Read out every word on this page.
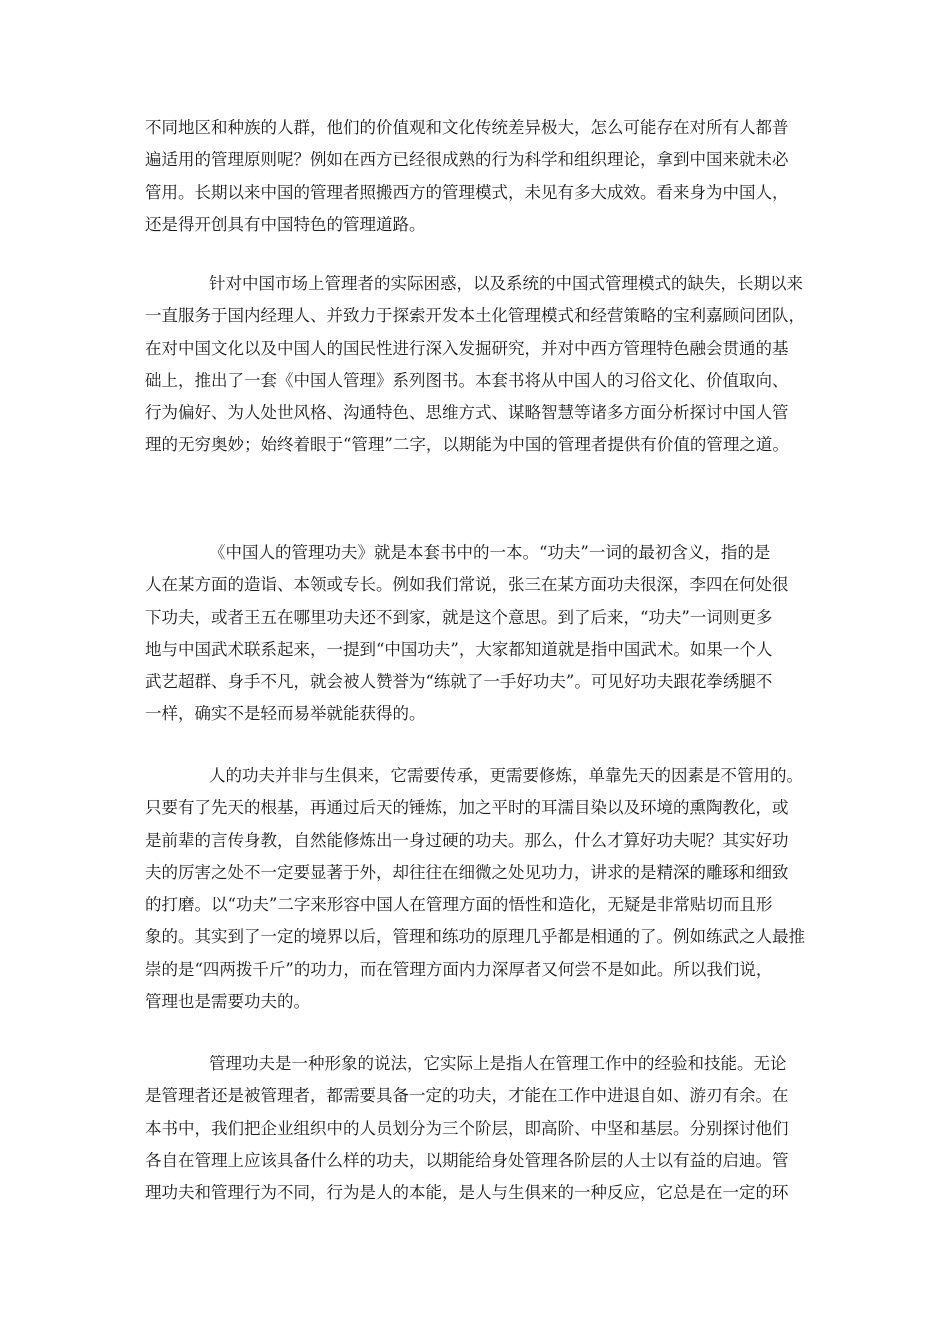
不同地区和种族的人群，他们的价值观和文化传统差异极大，怎么可能存在对所有人都普
遍适用的管理原则呢？例如在西方已经很成熟的行为科学和组织理论，拿到中国来就未必
管用。长期以来中国的管理者照搬西方的管理模式，未见有多大成效。看来身为中国人，
还是得开创具有中国特色的管理道路。
针对中国市场上管理者的实际困惑，以及系统的中国式管理模式的缺失，长期以来
一直服务于国内经理人、并致力于探索开发本土化管理模式和经营策略的宝利嘉顾问团队，
在对中国文化以及中国人的国民性进行深入发掘研究，并对中西方管理特色融会贯通的基
础上，推出了一套《中国人管理》系列图书。本套书将从中国人的习俗文化、价值取向、
行为偏好、为人处世风格、沟通特色、思维方式、谋略智慧等诸多方面分析探讨中国人管
理的无穷奥妙；始终着眼于“管理”二字，以期能为中国的管理者提供有价值的管理之道。
《中国人的管理功夫》就是本套书中的一本。“功夫”一词的最初含义，指的是
人在某方面的造诣、本领或专长。例如我们常说，张三在某方面功夫很深，李四在何处很
下功夫，或者王五在哪里功夫还不到家，就是这个意思。到了后来，“功夫”一词则更多
地与中国武术联系起来，一提到“中国功夫”，大家都知道就是指中国武术。如果一个人
武艺超群、身手不凡，就会被人赞誉为“练就了一手好功夫”。可见好功夫跟花拳绣腿不
一样，确实不是轻而易举就能获得的。
人的功夫并非与生俱来，它需要传承，更需要修炼，单靠先天的因素是不管用的。
只要有了先天的根基，再通过后天的锤炼，加之平时的耳濡目染以及环境的熏陶教化，或
是前辈的言传身教，自然能修炼出一身过硬的功夫。那么，什么才算好功夫呢？其实好功
夫的厉害之处不一定要显著于外，却往往在细微之处见功力，讲求的是精深的雕琢和细致
的打磨。以“功夫”二字来形容中国人在管理方面的悟性和造化，无疑是非常贴切而且形
象的。其实到了一定的境界以后，管理和练功的原理几乎都是相通的了。例如练武之人最推
崇的是“四两拨千斤”的功力，而在管理方面内力深厚者又何尝不是如此。所以我们说，
管理也是需要功夫的。
管理功夫是一种形象的说法，它实际上是指人在管理工作中的经验和技能。无论
是管理者还是被管理者，都需要具备一定的功夫，才能在工作中进退自如、游刃有余。在
本书中，我们把企业组织中的人员划分为三个阶层，即高阶、中坚和基层。分别探讨他们
各自在管理上应该具备什么样的功夫，以期能给身处管理各阶层的人士以有益的启迪。管
理功夫和管理行为不同，行为是人的本能，是人与生俱来的一种反应，它总是在一定的环
